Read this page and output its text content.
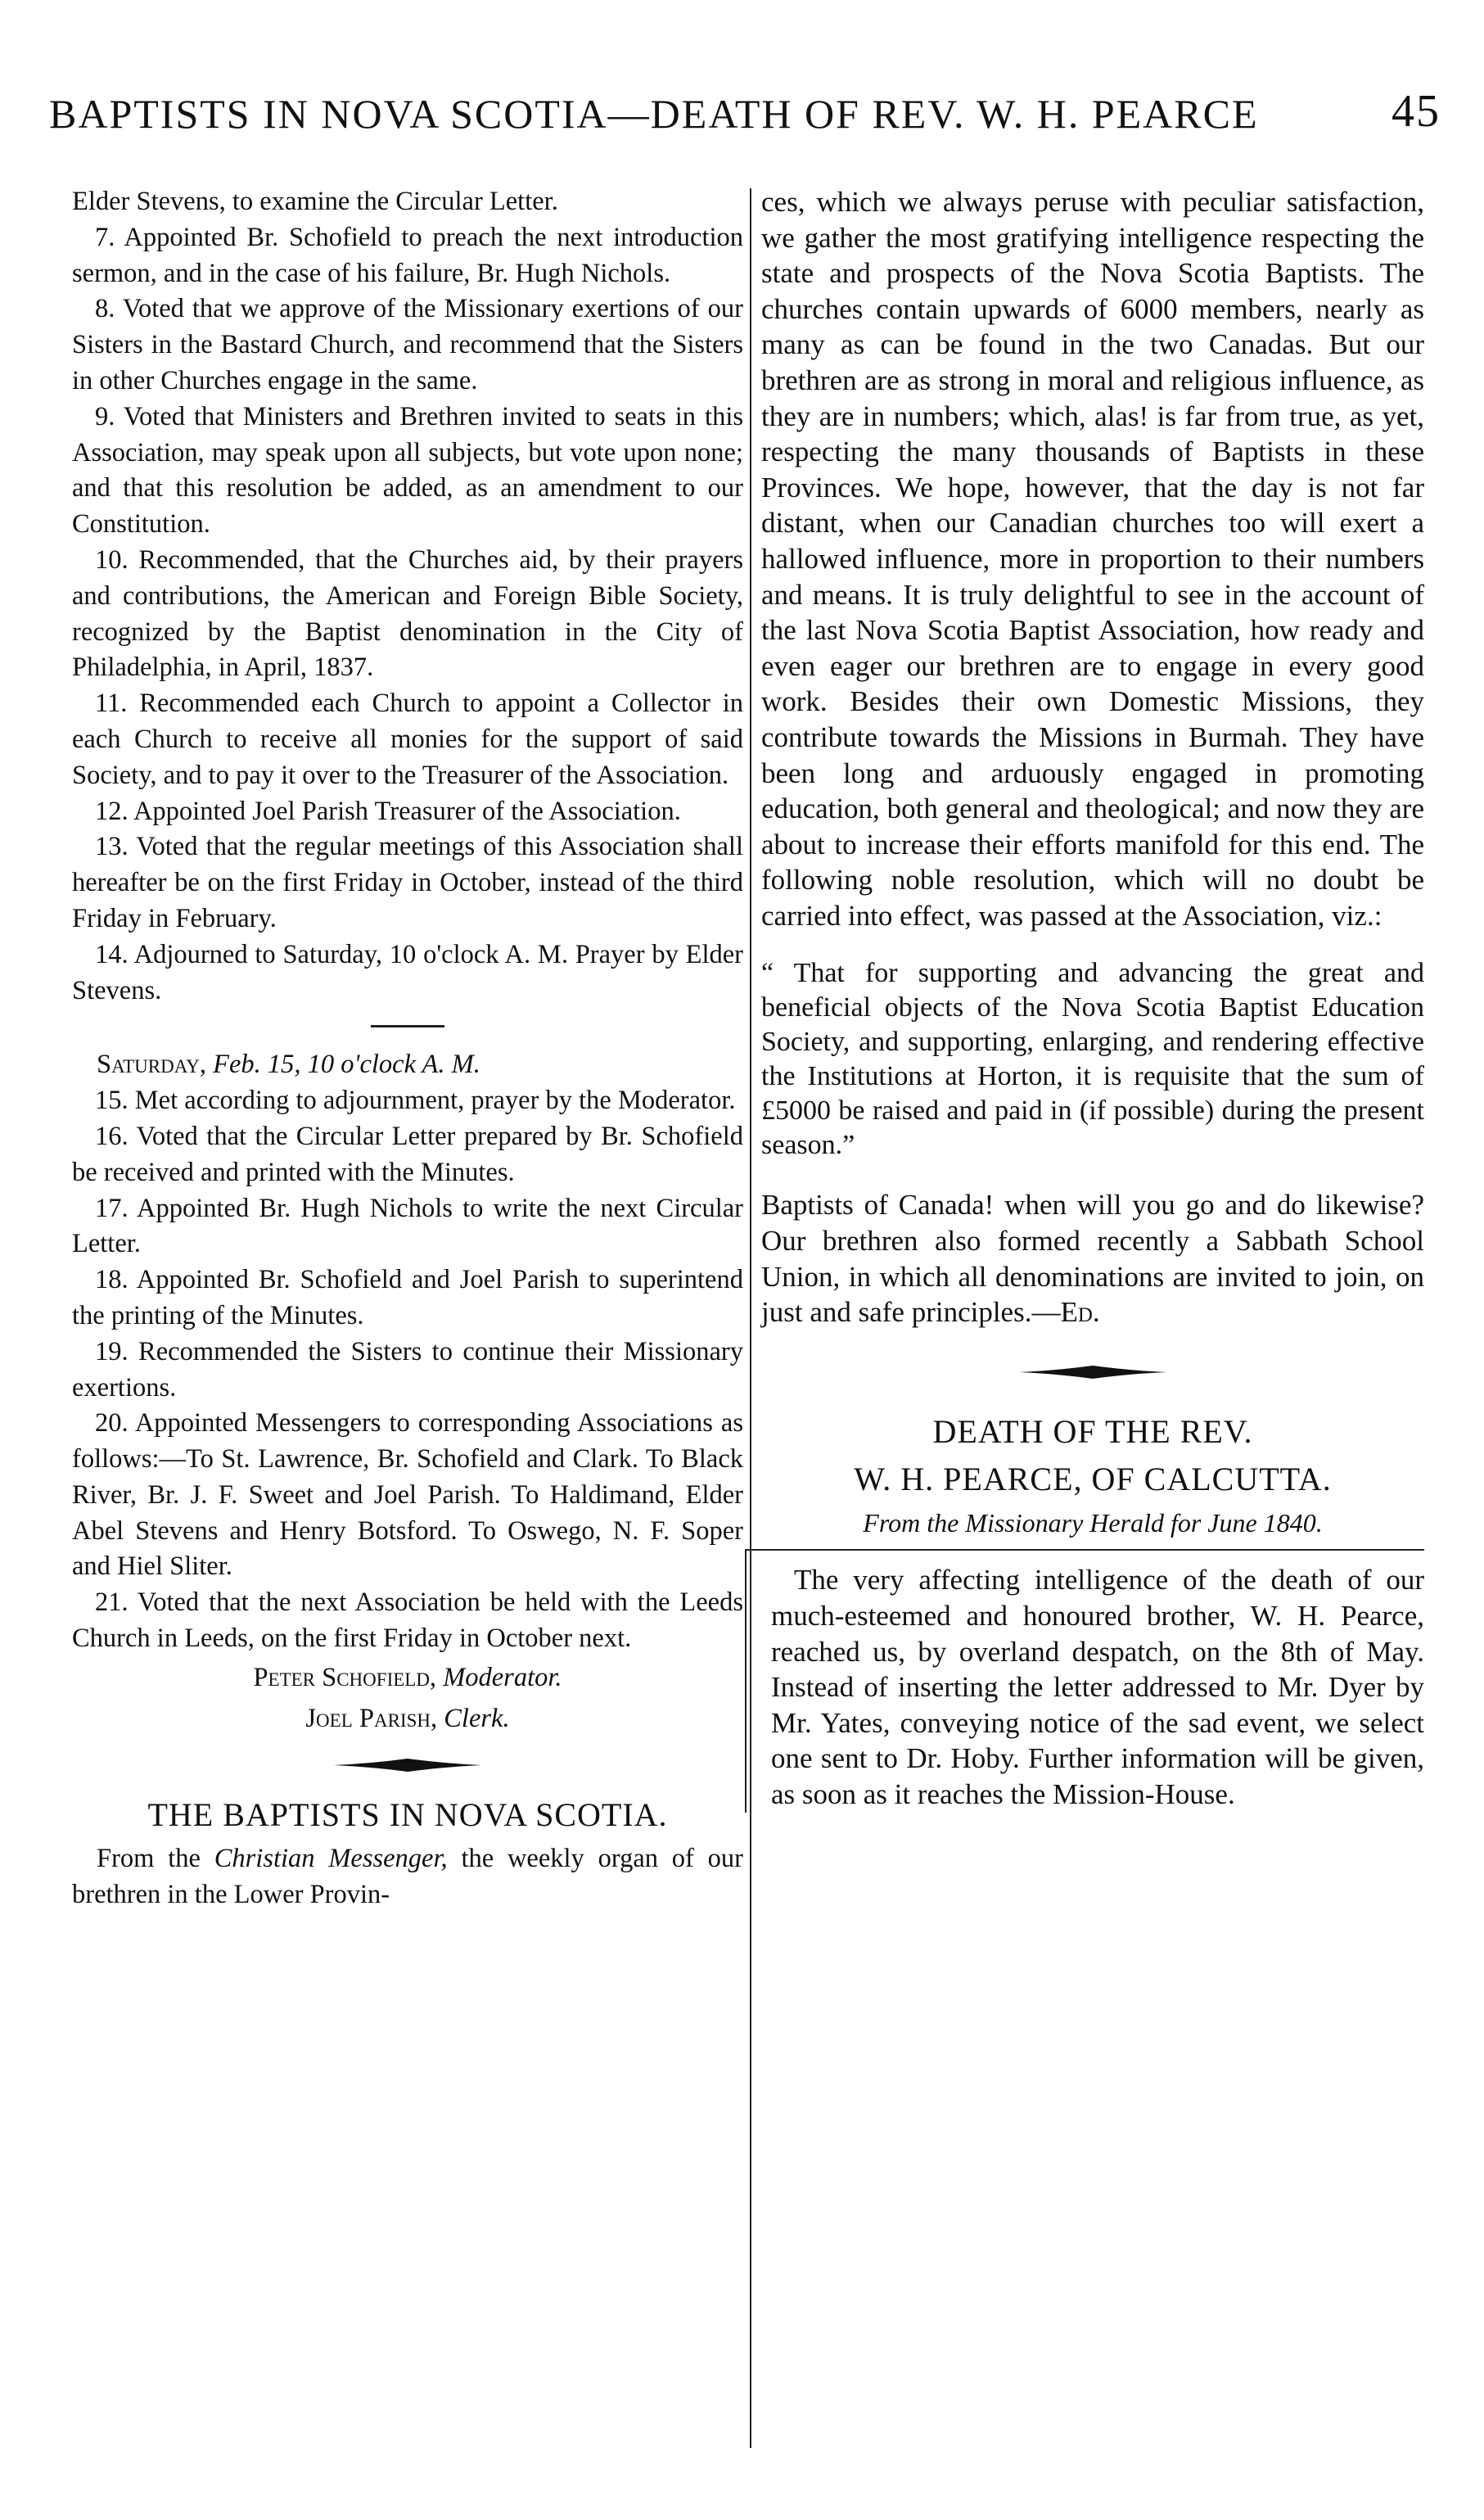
BAPTISTS IN NOVA SCOTIA—DEATH OF REV. W. H. PEARCE	45

Elder Stevens, to examine the Circular Letter.

7. Appointed Br. Schofield to preach the next introduction sermon, and in the case of his failure, Br. Hugh Nichols.

8. Voted that we approve of the Missionary exertions of our Sisters in the Bastard Church, and recommend that the Sisters in other Churches engage in the same.

9. Voted that Ministers and Brethren invited to seats in this Association, may speak upon all subjects, but vote upon none; and that this resolution be added, as an amendment to our Constitution.

10. Recommended, that the Churches aid, by their prayers and contributions, the American and Foreign Bible Society, recognized by the Baptist denomination in the City of Philadelphia, in April, 1837.

11. Recommended each Church to appoint a Collector in each Church to receive all monies for the support of said Society, and to pay it over to the Treasurer of the Association.

12. Appointed Joel Parish Treasurer of the Association.

13. Voted that the regular meetings of this Association shall hereafter be on the first Friday in October, instead of the third Friday in February.

14. Adjourned to Saturday, 10 o'clock A. M. Prayer by Elder Stevens.

Saturday, Feb. 15, 10 o'clock A. M.

15. Met according to adjournment, prayer by the Moderator.

16. Voted that the Circular Letter prepared by Br. Schofield be received and printed with the Minutes.

17. Appointed Br. Hugh Nichols to write the next Circular Letter.

18. Appointed Br. Schofield and Joel Parish to superintend the printing of the Minutes.

19. Recommended the Sisters to continue their Missionary exertions.

20. Appointed Messengers to corresponding Associations as follows:—To St. Lawrence, Br. Schofield and Clark. To Black River, Br. J. F. Sweet and Joel Parish. To Haldimand, Elder Abel Stevens and Henry Botsford. To Oswego, N. F. Soper and Hiel Sliter.

21. Voted that the next Association be held with the Leeds Church in Leeds, on the first Friday in October next.

Peter Schofield, Moderator.

Joel Parish, Clerk.

THE BAPTISTS IN NOVA SCOTIA.

From the Christian Messenger, the weekly organ of our brethren in the Lower Provin-

ces, which we always peruse with peculiar satisfaction, we gather the most gratifying intelligence respecting the state and prospects of the Nova Scotia Baptists. The churches contain upwards of 6000 members, nearly as many as can be found in the two Canadas. But our brethren are as strong in moral and religious influence, as they are in numbers; which, alas! is far from true, as yet, respecting the many thousands of Baptists in these Provinces. We hope, however, that the day is not far distant, when our Canadian churches too will exert a hallowed influence, more in proportion to their numbers and means. It is truly delightful to see in the account of the last Nova Scotia Baptist Association, how ready and even eager our brethren are to engage in every good work. Besides their own Domestic Missions, they contribute towards the Missions in Burmah. They have been long and arduously engaged in promoting education, both general and theological; and now they are about to increase their efforts manifold for this end. The following noble resolution, which will no doubt be carried into effect, was passed at the Association, viz.:

“ That for supporting and advancing the great and beneficial objects of the Nova Scotia Baptist Education Society, and supporting, enlarging, and rendering effective the Institutions at Horton, it is requisite that the sum of £5000 be raised and paid in (if possible) during the present season.”

Baptists of Canada! when will you go and do likewise? Our brethren also formed recently a Sabbath School Union, in which all denominations are invited to join, on just and safe principles.—Ed.

DEATH OF THE REV.

W. H. PEARCE, OF CALCUTTA.

From the Missionary Herald for June 1840.

The very affecting intelligence of the death of our much-esteemed and honoured brother, W. H. Pearce, reached us, by overland despatch, on the 8th of May. Instead of inserting the letter addressed to Mr. Dyer by Mr. Yates, conveying notice of the sad event, we select one sent to Dr. Hoby. Further information will be given, as soon as it reaches the Mission-House.
